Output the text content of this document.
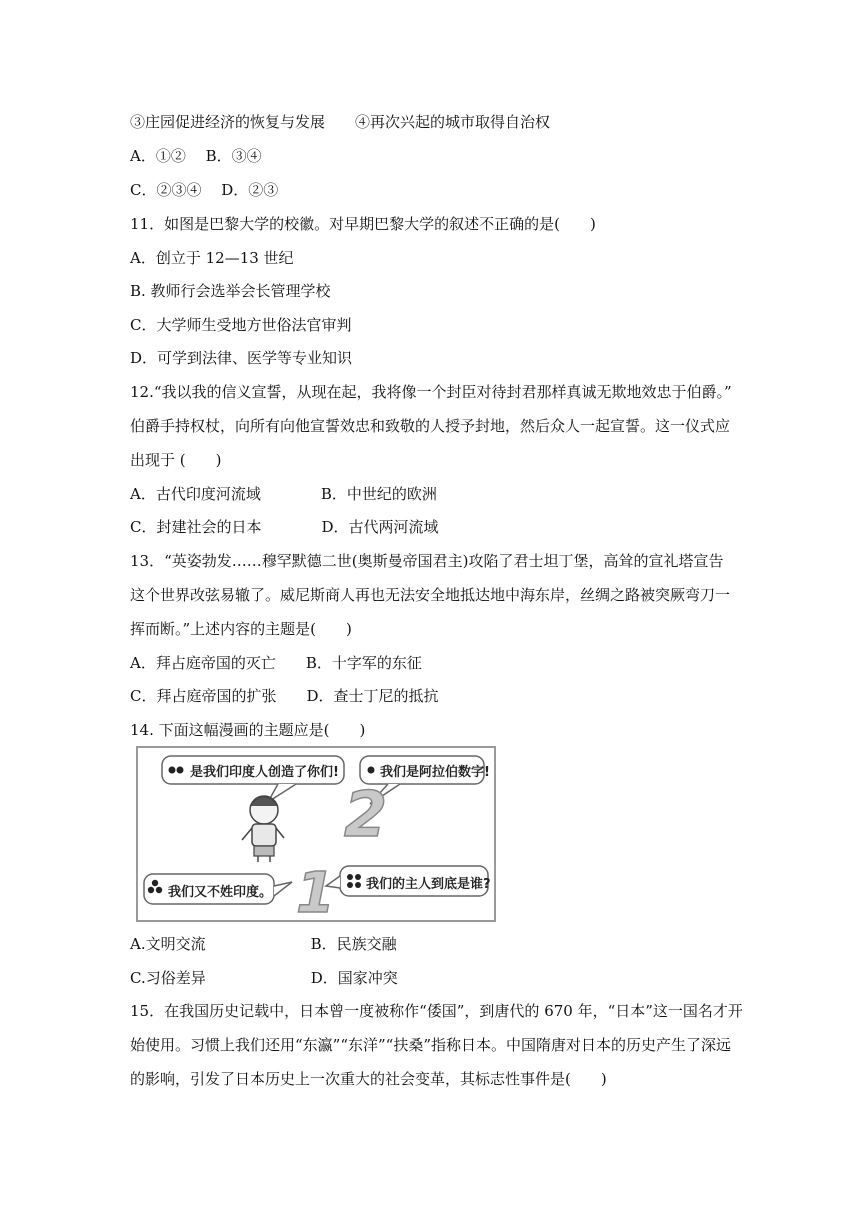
③庄园促进经济的恢复与发展　　④再次兴起的城市取得自治权
A．①②　 B．③④
C．②③④　 D．②③
11．如图是巴黎大学的校徽。对早期巴黎大学的叙述不正确的是(　　)
A．创立于 12—13 世纪
B. 教师行会选举会长管理学校
C．大学师生受地方世俗法官审判
D．可学到法律、医学等专业知识
12.“我以我的信义宣誓，从现在起，我将像一个封臣对待封君那样真诚无欺地效忠于伯爵。”
伯爵手持权杖，向所有向他宣誓效忠和致敬的人授予封地，然后众人一起宣誓。这一仪式应
出现于 (　　)
A．古代印度河流域　　　　B．中世纪的欧洲
C．封建社会的日本　　　　D．古代两河流域
13．“英姿勃发……穆罕默德二世(奥斯曼帝国君主)攻陷了君士坦丁堡，高耸的宣礼塔宣告
这个世界改弦易辙了。威尼斯商人再也无法安全地抵达地中海东岸，丝绸之路被突厥弯刀一
挥而断。”上述内容的主题是(　　)
A．拜占庭帝国的灭亡　　B．十字军的东征
C．拜占庭帝国的扩张　　D．查士丁尼的抵抗
14. 下面这幅漫画的主题应是(　　)
2
1
是我们印度人创造了你们!	我们是阿拉伯数字!
我们又不姓印度。
我们的主人到底是谁?
A.文明交流　　　　　　　B．民族交融
C.习俗差异　　　　　　　D．国家冲突
15．在我国历史记载中，日本曾一度被称作“倭国”，到唐代的 670 年，“日本”这一国名才开
始使用。习惯上我们还用“东瀛”“东洋”“扶桑”指称日本。中国隋唐对日本的历史产生了深远
的影响，引发了日本历史上一次重大的社会变革，其标志性事件是(　　)
